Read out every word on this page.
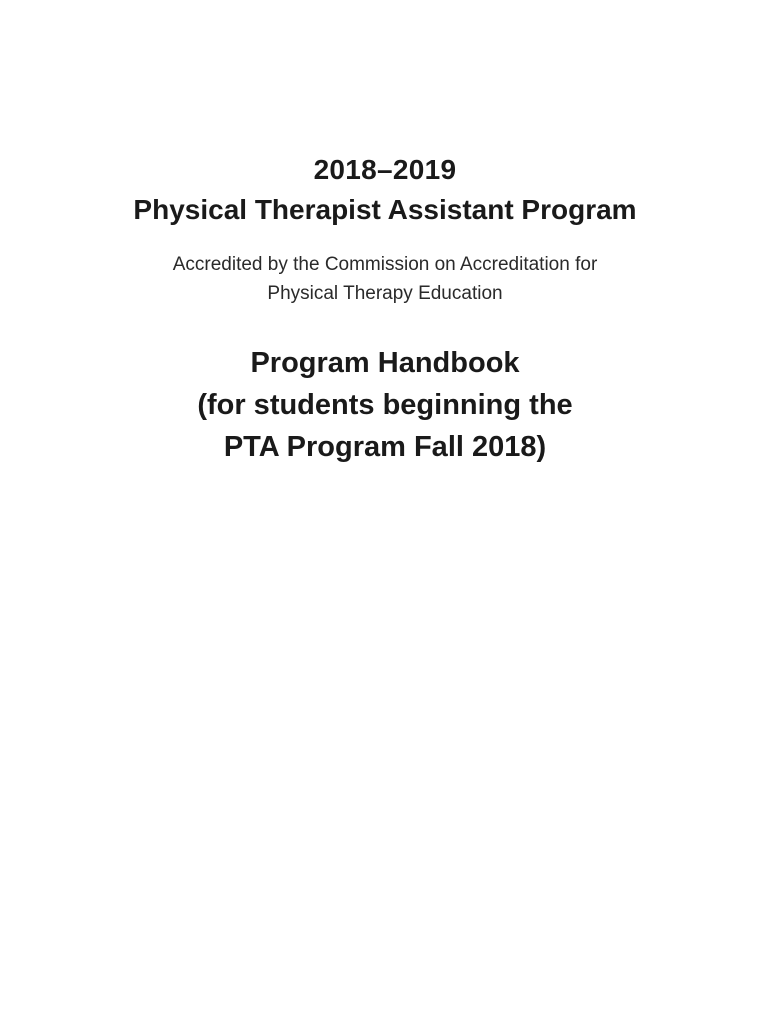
2018–2019
Physical Therapist Assistant Program
Accredited by the Commission on Accreditation for
Physical Therapy Education
Program Handbook
(for students beginning the
PTA Program Fall 2018)
